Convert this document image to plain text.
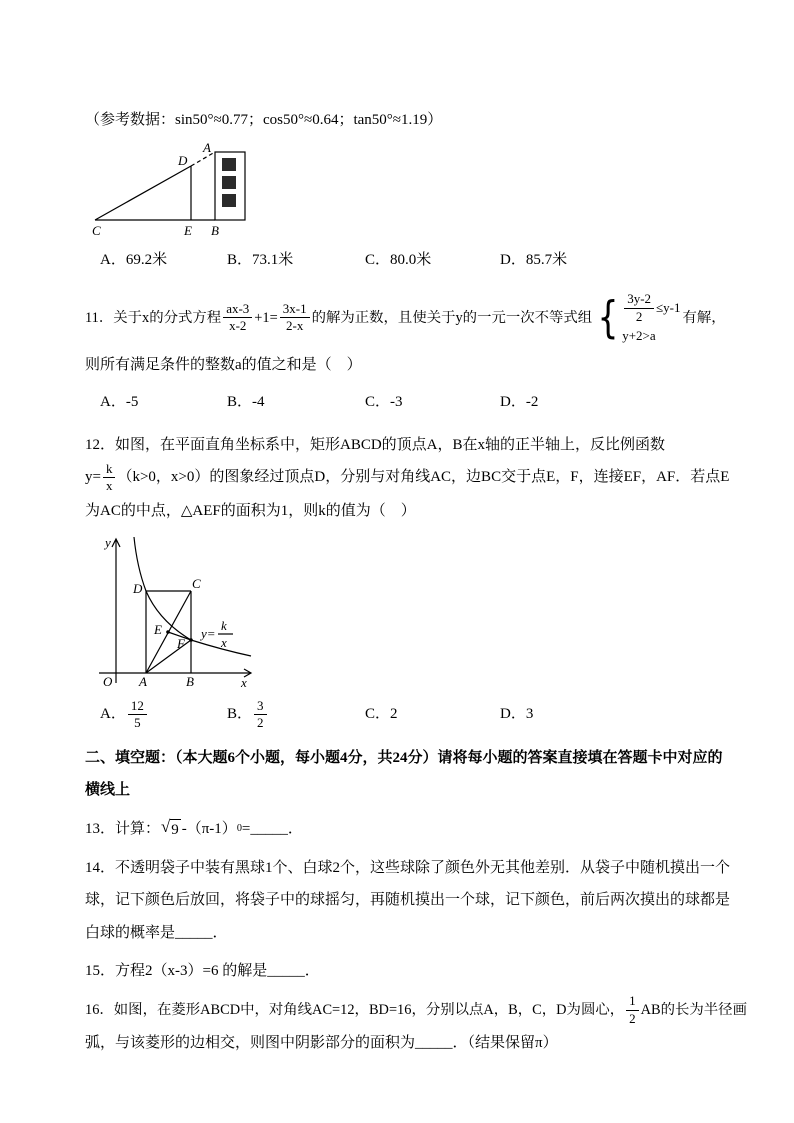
（参考数据：sin50°≈0.77；cos50°≈0.64；tan50°≈1.19）

A
D
C	E B
A．69.2米	B．73.1米	C．80.0米	D．85.7米
11．关于x的分式方程 $\frac{ax-3}{x-2} +1= \frac{3x-1}{2-x}$ 的解为正数，且使关于y的一元一次不等式组 { $\frac{3y-2}{2} \le y-1$
y+2>a
有解，

则所有满足条件的整数a的值之和是（　）

A．-5	B．-4	C．-3	D．-2

12．如图，在平面直角坐标系中，矩形ABCD的顶点A，B在x轴的正半轴上，反比例函数

$y= \frac{k}{x} (k>0$，x>0）的图象经过顶点D，分别与对角线AC，边BC交于点E，F，连接EF，AF．若点E

为AC的中点，△AEF的面积为1，则k的值为（　）

y
x
O A	B
C
D
E
F
y=
k
x
A． $\frac{12}{5}$	B． $\frac{3}{2}$	C．2	D．3

二、填空题：（本大题6个小题，每小题4分，共24分）请将每小题的答案直接填在答题卡中对应的横线上

13．计算： √ 9 -（π-1） 0 =_____．

14．不透明袋子中装有黑球1个、白球2个，这些球除了颜色外无其他差别．从袋子中随机摸出一个球，记下颜色后放回，将袋子中的球摇匀，再随机摸出一个球，记下颜色，前后两次摸出的球都是白球的概率是_____．

15．方程2（x-3）=6 的解是_____．

16．如图，在菱形ABCD中，对角线AC=12，BD=16，分别以点A，B，C，D为圆心， $\frac{1}{2}$ AB的长为半径画

弧，与该菱形的边相交，则图中阴影部分的面积为_____．（结果保留π）
